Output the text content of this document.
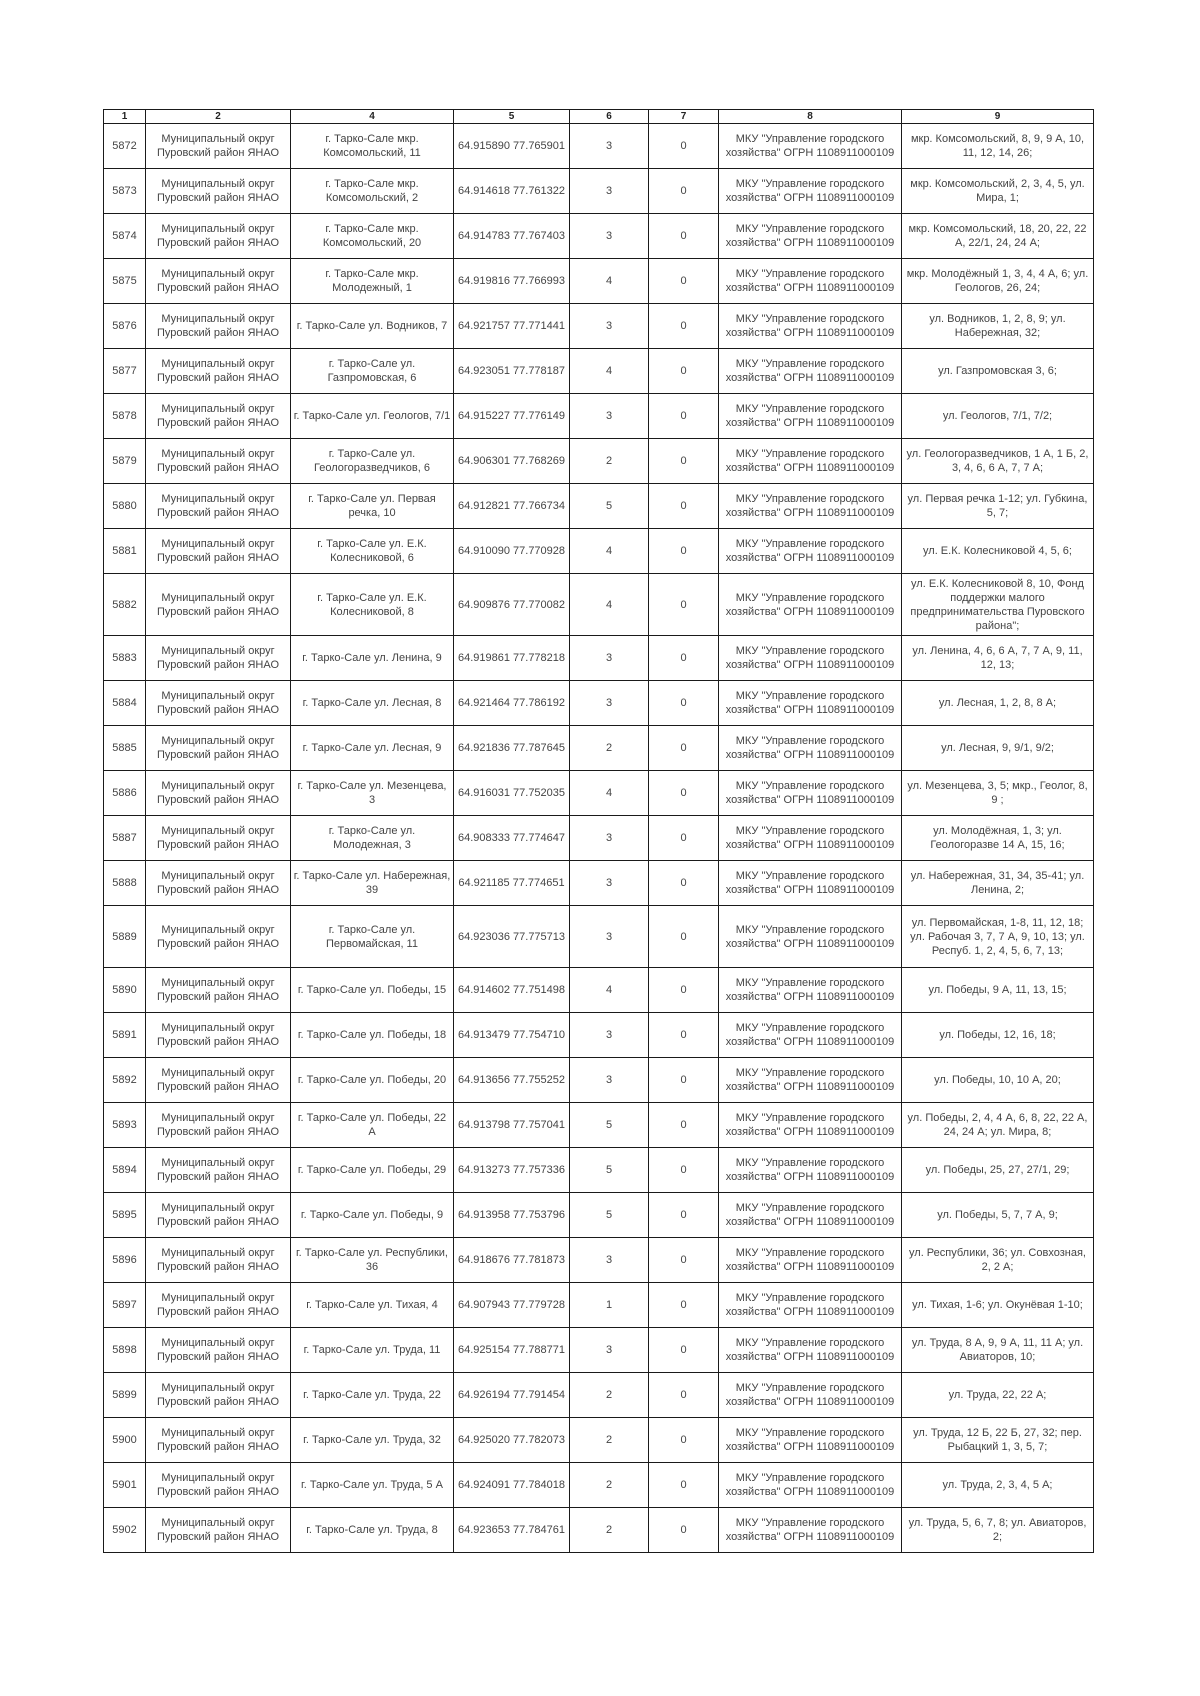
1	2	4	5	6	7	8	9
5872	Муниципальный округ Пуровский район ЯНАО	г. Тарко-Сале мкр. Комсомольский, 11	64.915890 77.765901	3	0	МКУ "Управление городского хозяйства" ОГРН 1108911000109	мкр. Комсомольский, 8, 9, 9 А, 10, 11, 12, 14, 26;
5873	Муниципальный округ Пуровский район ЯНАО	г. Тарко-Сале мкр. Комсомольский, 2	64.914618 77.761322	3	0	МКУ "Управление городского хозяйства" ОГРН 1108911000109	мкр. Комсомольский, 2, 3, 4, 5, ул. Мира, 1;
5874	Муниципальный округ Пуровский район ЯНАО	г. Тарко-Сале мкр. Комсомольский, 20	64.914783 77.767403	3	0	МКУ "Управление городского хозяйства" ОГРН 1108911000109	мкр. Комсомольский, 18, 20, 22, 22 А, 22/1, 24, 24 А;
5875	Муниципальный округ Пуровский район ЯНАО	г. Тарко-Сале мкр. Молодежный, 1	64.919816 77.766993	4	0	МКУ "Управление городского хозяйства" ОГРН 1108911000109	мкр. Молодёжный 1, 3, 4, 4 А, 6; ул. Геологов, 26, 24;
5876	Муниципальный округ Пуровский район ЯНАО	г. Тарко-Сале ул. Водников, 7	64.921757 77.771441	3	0	МКУ "Управление городского хозяйства" ОГРН 1108911000109	ул. Водников, 1, 2, 8, 9; ул. Набережная, 32;
5877	Муниципальный округ Пуровский район ЯНАО	г. Тарко-Сале ул. Газпромовская, 6	64.923051 77.778187	4	0	МКУ "Управление городского хозяйства" ОГРН 1108911000109	ул. Газпромовская 3, 6;
5878	Муниципальный округ Пуровский район ЯНАО	г. Тарко-Сале ул. Геологов, 7/1	64.915227 77.776149	3	0	МКУ "Управление городского хозяйства" ОГРН 1108911000109	ул. Геологов, 7/1, 7/2;
5879	Муниципальный округ Пуровский район ЯНАО	г. Тарко-Сале ул. Геологоразведчиков, 6	64.906301 77.768269	2	0	МКУ "Управление городского хозяйства" ОГРН 1108911000109	ул. Геологоразведчиков, 1 А, 1 Б, 2, 3, 4, 6, 6 А, 7, 7 А;
5880	Муниципальный округ Пуровский район ЯНАО	г. Тарко-Сале ул. Первая речка, 10	64.912821 77.766734	5	0	МКУ "Управление городского хозяйства" ОГРН 1108911000109	ул. Первая речка 1-12; ул. Губкина, 5, 7;
5881	Муниципальный округ Пуровский район ЯНАО	г. Тарко-Сале ул. Е.К. Колесниковой, 6	64.910090 77.770928	4	0	МКУ "Управление городского хозяйства" ОГРН 1108911000109	ул. Е.К. Колесниковой 4, 5, 6;
5882	Муниципальный округ Пуровский район ЯНАО	г. Тарко-Сале ул. Е.К. Колесниковой, 8	64.909876 77.770082	4	0	МКУ "Управление городского хозяйства" ОГРН 1108911000109	ул. Е.К. Колесниковой 8, 10, Фонд поддержки малого предпринимательства Пуровского района";
5883	Муниципальный округ Пуровский район ЯНАО	г. Тарко-Сале ул. Ленина, 9	64.919861 77.778218	3	0	МКУ "Управление городского хозяйства" ОГРН 1108911000109	ул. Ленина, 4, 6, 6 А, 7, 7 А, 9, 11, 12, 13;
5884	Муниципальный округ Пуровский район ЯНАО	г. Тарко-Сале ул. Лесная, 8	64.921464 77.786192	3	0	МКУ "Управление городского хозяйства" ОГРН 1108911000109	ул. Лесная, 1, 2, 8, 8 А;
5885	Муниципальный округ Пуровский район ЯНАО	г. Тарко-Сале ул. Лесная, 9	64.921836 77.787645	2	0	МКУ "Управление городского хозяйства" ОГРН 1108911000109	ул. Лесная, 9, 9/1, 9/2;
5886	Муниципальный округ Пуровский район ЯНАО	г. Тарко-Сале ул. Мезенцева, 3	64.916031 77.752035	4	0	МКУ "Управление городского хозяйства" ОГРН 1108911000109	ул. Мезенцева, 3, 5; мкр., Геолог, 8, 9 ;
5887	Муниципальный округ Пуровский район ЯНАО	г. Тарко-Сале ул. Молодежная, 3	64.908333 77.774647	3	0	МКУ "Управление городского хозяйства" ОГРН 1108911000109	ул. Молодёжная, 1, 3; ул. Геологоразве 14 А, 15, 16;
5888	Муниципальный округ Пуровский район ЯНАО	г. Тарко-Сале ул. Набережная, 39	64.921185 77.774651	3	0	МКУ "Управление городского хозяйства" ОГРН 1108911000109	ул. Набережная, 31, 34, 35-41; ул. Ленина, 2;
5889	Муниципальный округ Пуровский район ЯНАО	г. Тарко-Сале ул. Первомайская, 11	64.923036 77.775713	3	0	МКУ "Управление городского хозяйства" ОГРН 1108911000109	ул. Первомайская, 1-8, 11, 12, 18; ул. Рабочая 3, 7, 7 А, 9, 10, 13; ул. Респуб. 1, 2, 4, 5, 6, 7, 13;
5890	Муниципальный округ Пуровский район ЯНАО	г. Тарко-Сале ул. Победы, 15	64.914602 77.751498	4	0	МКУ "Управление городского хозяйства" ОГРН 1108911000109	ул. Победы, 9 А, 11, 13, 15;
5891	Муниципальный округ Пуровский район ЯНАО	г. Тарко-Сале ул. Победы, 18	64.913479 77.754710	3	0	МКУ "Управление городского хозяйства" ОГРН 1108911000109	ул. Победы, 12, 16, 18;
5892	Муниципальный округ Пуровский район ЯНАО	г. Тарко-Сале ул. Победы, 20	64.913656 77.755252	3	0	МКУ "Управление городского хозяйства" ОГРН 1108911000109	ул. Победы, 10, 10 А, 20;
5893	Муниципальный округ Пуровский район ЯНАО	г. Тарко-Сале ул. Победы, 22 А	64.913798 77.757041	5	0	МКУ "Управление городского хозяйства" ОГРН 1108911000109	ул. Победы, 2, 4, 4 А, 6, 8, 22, 22 А, 24, 24 А; ул. Мира, 8;
5894	Муниципальный округ Пуровский район ЯНАО	г. Тарко-Сале ул. Победы, 29	64.913273 77.757336	5	0	МКУ "Управление городского хозяйства" ОГРН 1108911000109	ул. Победы, 25, 27, 27/1, 29;
5895	Муниципальный округ Пуровский район ЯНАО	г. Тарко-Сале ул. Победы, 9	64.913958 77.753796	5	0	МКУ "Управление городского хозяйства" ОГРН 1108911000109	ул. Победы, 5, 7, 7 А, 9;
5896	Муниципальный округ Пуровский район ЯНАО	г. Тарко-Сале ул. Республики, 36	64.918676 77.781873	3	0	МКУ "Управление городского хозяйства" ОГРН 1108911000109	ул. Республики, 36; ул. Совхозная, 2, 2 А;
5897	Муниципальный округ Пуровский район ЯНАО	г. Тарко-Сале ул. Тихая, 4	64.907943 77.779728	1	0	МКУ "Управление городского хозяйства" ОГРН 1108911000109	ул. Тихая, 1-6; ул. Окунёвая 1-10;
5898	Муниципальный округ Пуровский район ЯНАО	г. Тарко-Сале ул. Труда, 11	64.925154 77.788771	3	0	МКУ "Управление городского хозяйства" ОГРН 1108911000109	ул. Труда, 8 А, 9, 9 А, 11, 11 А; ул. Авиаторов, 10;
5899	Муниципальный округ Пуровский район ЯНАО	г. Тарко-Сале ул. Труда, 22	64.926194 77.791454	2	0	МКУ "Управление городского хозяйства" ОГРН 1108911000109	ул. Труда, 22, 22 А;
5900	Муниципальный округ Пуровский район ЯНАО	г. Тарко-Сале ул. Труда, 32	64.925020 77.782073	2	0	МКУ "Управление городского хозяйства" ОГРН 1108911000109	ул. Труда, 12 Б, 22 Б, 27, 32; пер. Рыбацкий 1, 3, 5, 7;
5901	Муниципальный округ Пуровский район ЯНАО	г. Тарко-Сале ул. Труда, 5 А	64.924091 77.784018	2	0	МКУ "Управление городского хозяйства" ОГРН 1108911000109	ул. Труда, 2, 3, 4, 5 А;
5902	Муниципальный округ Пуровский район ЯНАО	г. Тарко-Сале ул. Труда, 8	64.923653 77.784761	2	0	МКУ "Управление городского хозяйства" ОГРН 1108911000109	ул. Труда, 5, 6, 7, 8; ул. Авиаторов, 2;
